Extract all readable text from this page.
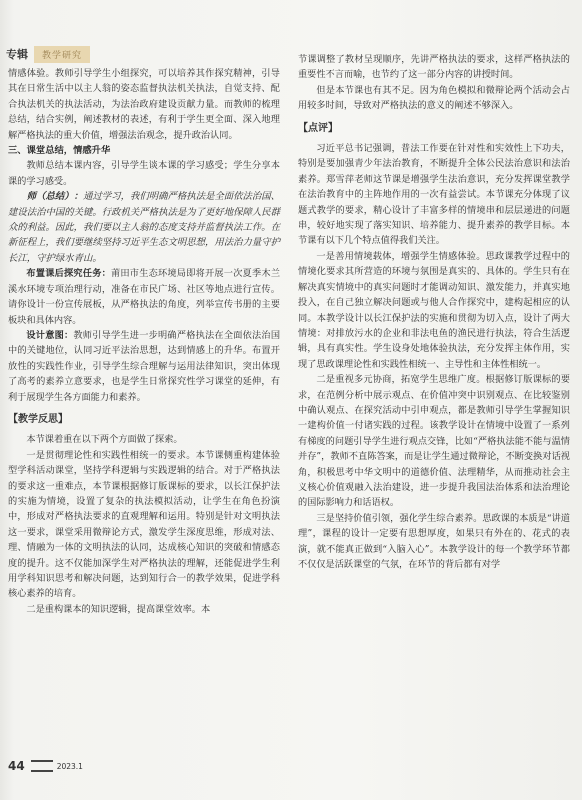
专辑	教学研究

情感体验。教师引导学生小组探究，可以培养其作探究精神，引导其在日常生活中以主人翁的姿态监督执法机关执法，自觉支持、配合执法机关的执法活动，为法治政府建设贡献力量。而教师的梳理总结，结合实例，阐述教材的表述，有利于学生更全面、深入地理解严格执法的重大价值，增强法治观念，提升政治认同。

三、课堂总结，情感升华

教师总结本课内容，引导学生谈本课的学习感受；学生分享本课的学习感受。

师（总结）：通过学习，我们明确严格执法是全面依法治国、建设法治中国的关键。行政机关严格执法是为了更好地保障人民群众的利益。因此，我们要以主人翁的态度支持并监督执法工作。在新征程上，我们要继续坚持习近平生态文明思想，用法治力量守护长江，守护绿水青山。

布置课后探究任务：莆田市生态环境局即将开展一次夏季木兰溪水环境专项治理行动，准备在市民广场、社区等地点进行宣传。请你设计一份宣传展板，从严格执法的角度，列举宣传书册的主要板块和具体内容。

设计意图：教师引导学生进一步明确严格执法在全面依法治国中的关键地位，认同习近平法治思想，达到情感上的升华。布置开放性的实践性作业，引导学生综合理解与运用法律知识，突出体现了高考的素养立意要求，也是学生日常探究性学习课堂的延伸，有利于展现学生各方面能力和素养。

【教学反思】

本节课着重在以下两个方面做了探索。

一是贯彻理论性和实践性相统一的要求。本节课侧重构建体验型学科活动课堂，坚持学科逻辑与实践逻辑的结合。对于严格执法的要求这一重难点，本节课根据修订版课标的要求，以长江保护法的实施为情境，设置了复杂的执法模拟活动，让学生在角色扮演中，形成对严格执法要求的直观理解和运用。特别是针对文明执法这一要求，课堂采用微辩论方式，激发学生深度思维，形成对法、理、情融为一体的文明执法的认同，达成核心知识的突破和情感态度的提升。这不仅能加深学生对严格执法的理解，还能促进学生利用学科知识思考和解决问题，达到知行合一的教学效果，促进学科核心素养的培育。

二是重构课本的知识逻辑，提高课堂效率。本

节课调整了教材呈现顺序，先讲严格执法的要求，这样严格执法的重要性不言而喻，也节约了这一部分内容的讲授时间。

但是本节课也有其不足。因为角色模拟和微辩论两个活动会占用较多时间，导致对严格执法的意义的阐述不够深入。

【点评】

习近平总书记强调，普法工作要在针对性和实效性上下功夫，特别是要加强青少年法治教育，不断提升全体公民法治意识和法治素养。郑雪萍老师这节课是增强学生法治意识，充分发挥课堂教学在法治教育中的主阵地作用的一次有益尝试。本节课充分体现了议题式教学的要求，精心设计了丰富多样的情境串和层层递进的问题串，较好地实现了落实知识、培养能力、提升素养的教学目标。本节课有以下几个特点值得我们关注。

一是善用情境载体，增强学生情感体验。思政课教学过程中的情境化要求其所营造的环境与氛围是真实的、具体的。学生只有在解决真实情境中的真实问题时才能调动知识、激发能力，并真实地投入，在自己独立解决问题或与他人合作探究中，建构起相应的认同。本教学设计以长江保护法的实施和贯彻为切入点，设计了两大情境：对排放污水的企业和非法电鱼的渔民进行执法，符合生活逻辑，具有真实性。学生设身处地体验执法，充分发挥主体作用，实现了思政课理论性和实践性相统一、主导性和主体性相统一。

二是重视多元协商，拓宽学生思维广度。根据修订版课标的要求，在范例分析中展示观点、在价值冲突中识别观点、在比较鉴别中确认观点、在探究活动中引申观点，都是教师引导学生掌握知识一建构价值一付诸实践的过程。该教学设计在情境中设置了一系列有梯度的问题引导学生进行观点交锋，比如“严格执法能不能与温情并存”，教师不直陈答案，而是让学生通过微辩论，不断变换对话视角，积极思考中华文明中的道德价值、法理精华，从而推动社会主义核心价值观融入法治建设，进一步提升我国法治体系和法治理论的国际影响力和话语权。

三是坚持价值引领，强化学生综合素养。思政课的本质是“讲道理”，课程的设计一定要有思想厚度，如果只有外在的、花式的表演，就不能真正做到“入脑入心”。本教学设计的每一个教学环节都不仅仅是活跃课堂的气氛，在环节的背后都有对学

44	2023.1
